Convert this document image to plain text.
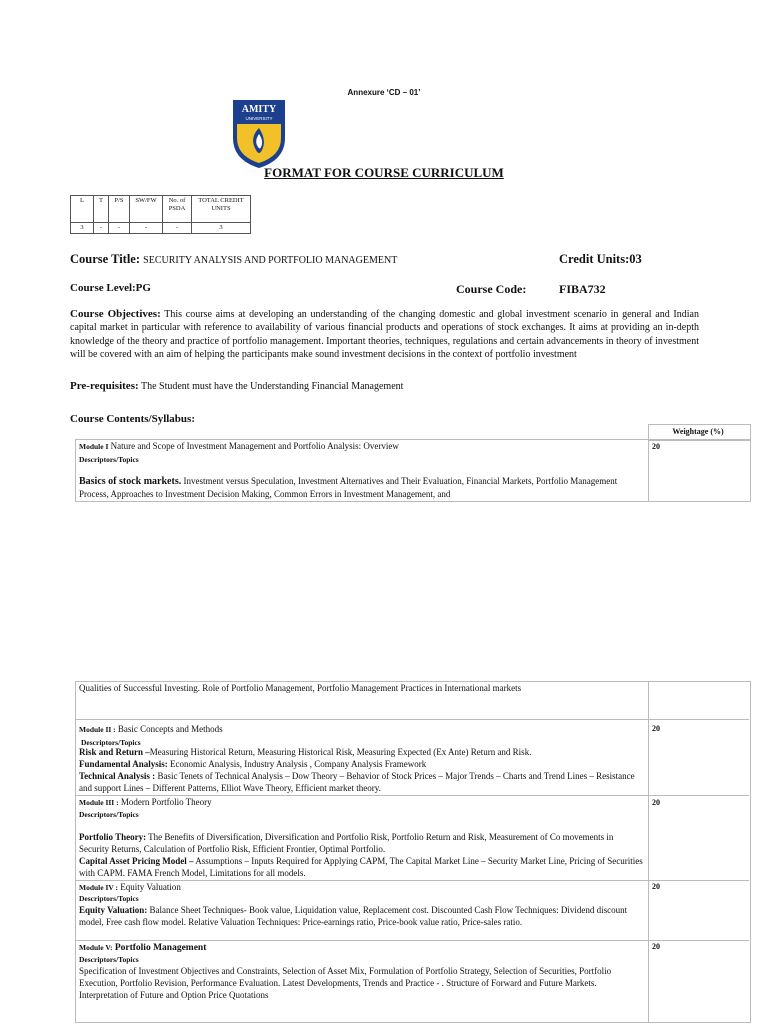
Annexure ‘CD – 01’
AMITY
UNIVERSITY
FORMAT FOR COURSE CURRICULUM
L	T	P/S	SW/FW	No. of PSDA	TOTAL CREDIT UNITS
3	-	-	-	-	3
Course Title: SECURITY ANALYSIS AND PORTFOLIO MANAGEMENT	Credit Units:03
Course Level:PG	Course Code:	FIBA732
Course Objectives: This course aims at developing an understanding of the changing domestic and global investment scenario in general and Indian capital market in particular with reference to availability of various financial products and operations of stock exchanges. It aims at providing an in-depth knowledge of the theory and practice of portfolio management. Important theories, techniques, regulations and certain advancements in theory of investment will be covered with an aim of helping the participants make sound investment decisions in the context of portfolio investment
Pre-requisites: The Student must have the Understanding Financial Management
Course Contents/Syllabus:
Weightage (%)
Module I Nature and Scope of Investment Management and Portfolio Analysis: Overview	20
Descriptors/Topics
Basics of stock markets. Investment versus Speculation, Investment Alternatives and Their Evaluation, Financial Markets, Portfolio Management Process, Approaches to Investment Decision Making, Common Errors in Investment Management, and
Qualities of Successful Investing. Role of Portfolio Management, Portfolio Management Practices in International markets
Module II : Basic Concepts and Methods	20
Descriptors/Topics
Risk and Return –Measuring Historical Return, Measuring Historical Risk, Measuring Expected (Ex Ante) Return and Risk.
Fundamental Analysis: Economic Analysis, Industry Analysis , Company Analysis Framework
Technical Analysis : Basic Tenets of Technical Analysis – Dow Theory – Behavior of Stock Prices – Major Trends – Charts and Trend Lines – Resistance and support Lines – Different Patterns, Elliot Wave Theory, Efficient market theory.
Module III : Modern Portfolio Theory	20
Descriptors/Topics
Portfolio Theory: The Benefits of Diversification, Diversification and Portfolio Risk, Portfolio Return and Risk, Measurement of Co movements in Security Returns, Calculation of Portfolio Risk, Efficient Frontier, Optimal Portfolio.
Capital Asset Pricing Model – Assumptions – Inputs Required for Applying CAPM, The Capital Market Line – Security Market Line, Pricing of Securities with CAPM. FAMA French Model, Limitations for all models.
Module IV : Equity Valuation	20
Descriptors/Topics
Equity Valuation: Balance Sheet Techniques- Book value, Liquidation value, Replacement cost. Discounted Cash Flow Techniques: Dividend discount model, Free cash flow model. Relative Valuation Techniques: Price-earnings ratio, Price-book value ratio, Price-sales ratio.
Module V: Portfolio Management	20
Descriptors/Topics
Specification of Investment Objectives and Constraints, Selection of Asset Mix, Formulation of Portfolio Strategy, Selection of Securities, Portfolio Execution, Portfolio Revision, Performance Evaluation. Latest Developments, Trends and Practice - . Structure of Forward and Future Markets. Interpretation of Future and Option Price Quotations
